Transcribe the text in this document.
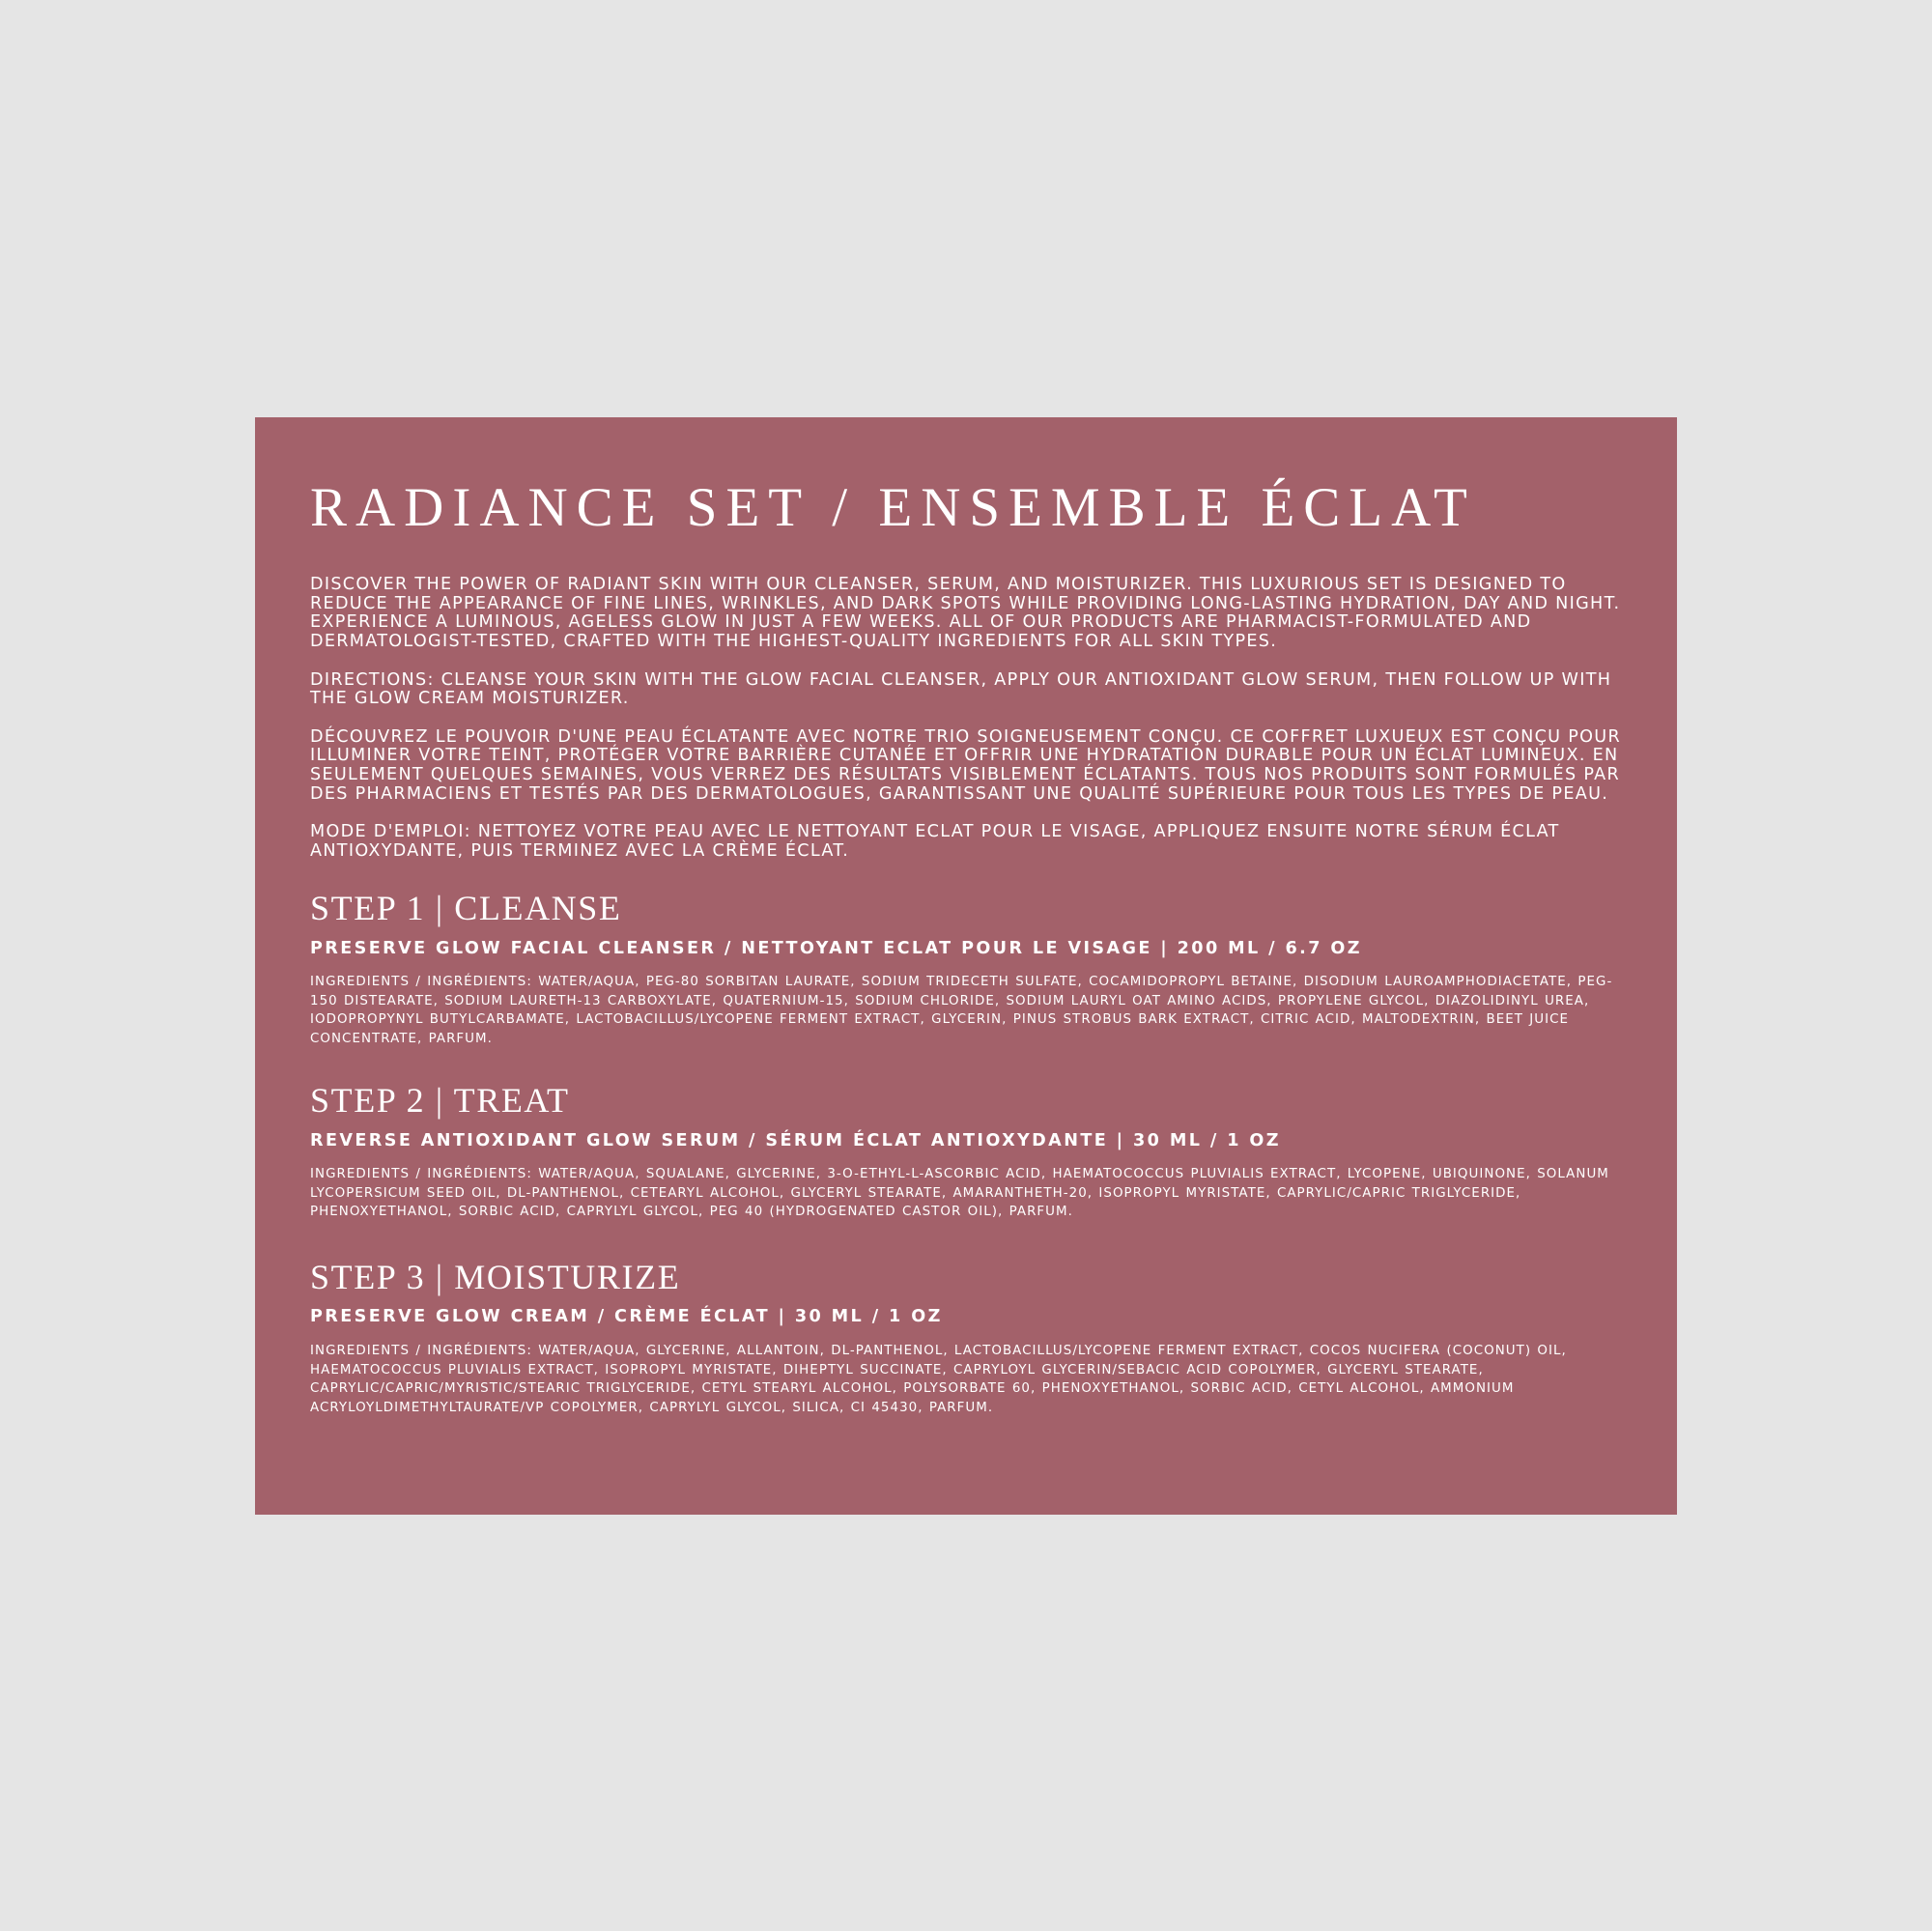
RADIANCE SET / ENSEMBLE ÉCLAT

DISCOVER THE POWER OF RADIANT SKIN WITH OUR CLEANSER, SERUM, AND MOISTURIZER. THIS LUXURIOUS SET IS DESIGNED TO REDUCE THE APPEARANCE OF FINE LINES, WRINKLES, AND DARK SPOTS WHILE PROVIDING LONG-LASTING HYDRATION, DAY AND NIGHT. EXPERIENCE A LUMINOUS, AGELESS GLOW IN JUST A FEW WEEKS. ALL OF OUR PRODUCTS ARE PHARMACIST-FORMULATED AND DERMATOLOGIST-TESTED, CRAFTED WITH THE HIGHEST-QUALITY INGREDIENTS FOR ALL SKIN TYPES.

DIRECTIONS: CLEANSE YOUR SKIN WITH THE GLOW FACIAL CLEANSER, APPLY OUR ANTIOXIDANT GLOW SERUM, THEN FOLLOW UP WITH THE GLOW CREAM MOISTURIZER.

DÉCOUVREZ LE POUVOIR D'UNE PEAU ÉCLATANTE AVEC NOTRE TRIO SOIGNEUSEMENT CONÇU. CE COFFRET LUXUEUX EST CONÇU POUR ILLUMINER VOTRE TEINT, PROTÉGER VOTRE BARRIÈRE CUTANÉE ET OFFRIR UNE HYDRATATION DURABLE POUR UN ÉCLAT LUMINEUX. EN SEULEMENT QUELQUES SEMAINES, VOUS VERREZ DES RÉSULTATS VISIBLEMENT ÉCLATANTS. TOUS NOS PRODUITS SONT FORMULÉS PAR DES PHARMACIENS ET TESTÉS PAR DES DERMATOLOGUES, GARANTISSANT UNE QUALITÉ SUPÉRIEURE POUR TOUS LES TYPES DE PEAU.

MODE D'EMPLOI: NETTOYEZ VOTRE PEAU AVEC LE NETTOYANT ECLAT POUR LE VISAGE, APPLIQUEZ ENSUITE NOTRE SÉRUM ÉCLAT ANTIOXYDANTE, PUIS TERMINEZ AVEC LA CRÈME ÉCLAT.

STEP 1 | CLEANSE
PRESERVE GLOW FACIAL CLEANSER / NETTOYANT ECLAT POUR LE VISAGE | 200 ML / 6.7 OZ

INGREDIENTS / INGRÉDIENTS: WATER/AQUA, PEG-80 SORBITAN LAURATE, SODIUM TRIDECETH SULFATE, COCAMIDOPROPYL BETAINE, DISODIUM LAUROAMPHODIACETATE, PEG-150 DISTEARATE, SODIUM LAURETH-13 CARBOXYLATE, QUATERNIUM-15, SODIUM CHLORIDE, SODIUM LAURYL OAT AMINO ACIDS, PROPYLENE GLYCOL, DIAZOLIDINYL UREA, IODOPROPYNYL BUTYLCARBAMATE, LACTOBACILLUS/LYCOPENE FERMENT EXTRACT, GLYCERIN, PINUS STROBUS BARK EXTRACT, CITRIC ACID, MALTODEXTRIN, BEET JUICE CONCENTRATE, PARFUM.

STEP 2 | TREAT
REVERSE ANTIOXIDANT GLOW SERUM / SÉRUM ÉCLAT ANTIOXYDANTE | 30 ML / 1 OZ

INGREDIENTS / INGRÉDIENTS: WATER/AQUA, SQUALANE, GLYCERINE, 3-O-ETHYL-L-ASCORBIC ACID, HAEMATOCOCCUS PLUVIALIS EXTRACT, LYCOPENE, UBIQUINONE, SOLANUM LYCOPERSICUM SEED OIL, DL-PANTHENOL, CETEARYL ALCOHOL, GLYCERYL STEARATE, AMARANTHETH-20, ISOPROPYL MYRISTATE, CAPRYLIC/CAPRIC TRIGLYCERIDE, PHENOXYETHANOL, SORBIC ACID, CAPRYLYL GLYCOL, PEG 40 (HYDROGENATED CASTOR OIL), PARFUM.

STEP 3 | MOISTURIZE
PRESERVE GLOW CREAM / CRÈME ÉCLAT | 30 ML / 1 OZ

INGREDIENTS / INGRÉDIENTS: WATER/AQUA, GLYCERINE, ALLANTOIN, DL-PANTHENOL, LACTOBACILLUS/LYCOPENE FERMENT EXTRACT, COCOS NUCIFERA (COCONUT) OIL, HAEMATOCOCCUS PLUVIALIS EXTRACT, ISOPROPYL MYRISTATE, DIHEPTYL SUCCINATE, CAPRYLOYL GLYCERIN/SEBACIC ACID COPOLYMER, GLYCERYL STEARATE, CAPRYLIC/CAPRIC/MYRISTIC/STEARIC TRIGLYCERIDE, CETYL STEARYL ALCOHOL, POLYSORBATE 60, PHENOXYETHANOL, SORBIC ACID, CETYL ALCOHOL, AMMONIUM ACRYLOYLDIMETHYLTAURATE/VP COPOLYMER, CAPRYLYL GLYCOL, SILICA, CI 45430, PARFUM.
